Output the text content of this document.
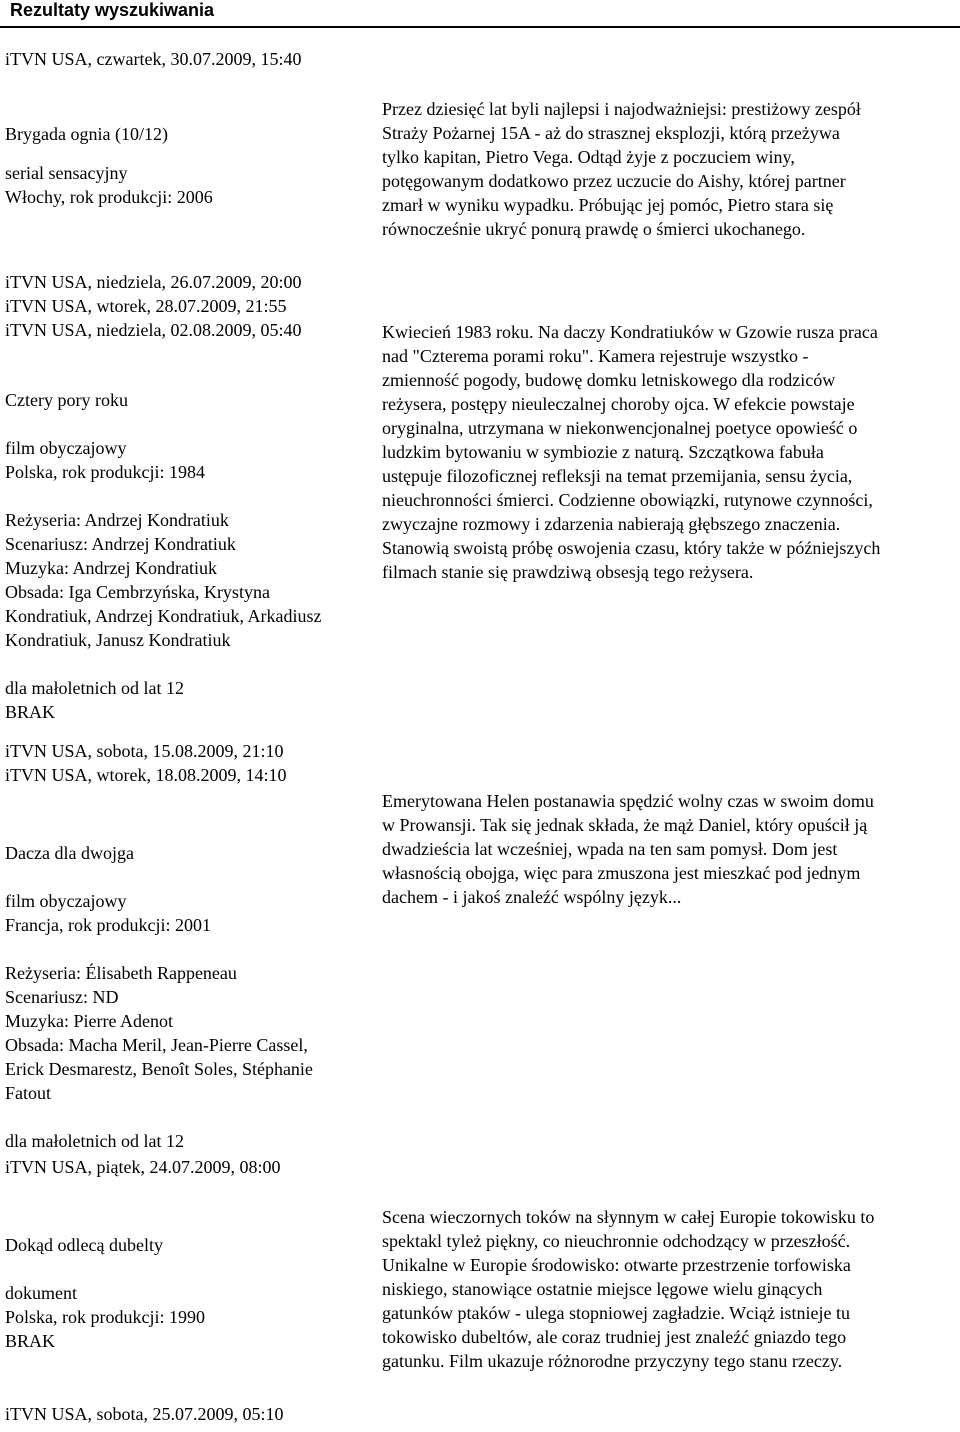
Rezultaty wyszukiwania
iTVN USA, czwartek, 30.07.2009, 15:40
Brygada ognia (10/12)
serial sensacyjny
Włochy, rok produkcji: 2006
Przez dziesięć lat byli najlepsi i najodważniejsi: prestiżowy zespół
Straży Pożarnej 15A - aż do strasznej eksplozji, którą przeżywa
tylko kapitan, Pietro Vega. Odtąd żyje z poczuciem winy,
potęgowanym dodatkowo przez uczucie do Aishy, której partner
zmarł w wyniku wypadku. Próbując jej pomóc, Pietro stara się
równocześnie ukryć ponurą prawdę o śmierci ukochanego.
iTVN USA, niedziela, 26.07.2009, 20:00
iTVN USA, wtorek, 28.07.2009, 21:55
iTVN USA, niedziela, 02.08.2009, 05:40
Cztery pory roku
film obyczajowy
Polska, rok produkcji: 1984
Reżyseria: Andrzej Kondratiuk
Scenariusz: Andrzej Kondratiuk
Muzyka: Andrzej Kondratiuk
Obsada: Iga Cembrzyńska, Krystyna
Kondratiuk, Andrzej Kondratiuk, Arkadiusz
Kondratiuk, Janusz Kondratiuk
dla małoletnich od lat 12
BRAK
Kwiecień 1983 roku. Na daczy Kondratiuków w Gzowie rusza praca
nad "Czterema porami roku". Kamera rejestruje wszystko -
zmienność pogody, budowę domku letniskowego dla rodziców
reżysera, postępy nieuleczalnej choroby ojca. W efekcie powstaje
oryginalna, utrzymana w niekonwencjonalnej poetyce opowieść o
ludzkim bytowaniu w symbiozie z naturą. Szczątkowa fabuła
ustępuje filozoficznej refleksji na temat przemijania, sensu życia,
nieuchronności śmierci. Codzienne obowiązki, rutynowe czynności,
zwyczajne rozmowy i zdarzenia nabierają głębszego znaczenia.
Stanowią swoistą próbę oswojenia czasu, który także w późniejszych
filmach stanie się prawdziwą obsesją tego reżysera.
iTVN USA, sobota, 15.08.2009, 21:10
iTVN USA, wtorek, 18.08.2009, 14:10
Dacza dla dwojga
film obyczajowy
Francja, rok produkcji: 2001
Reżyseria: Élisabeth Rappeneau
Scenariusz: ND
Muzyka: Pierre Adenot
Obsada: Macha Meril, Jean-Pierre Cassel,
Erick Desmarestz, Benoît Soles, Stéphanie
Fatout
dla małoletnich od lat 12
Emerytowana Helen postanawia spędzić wolny czas w swoim domu
w Prowansji. Tak się jednak składa, że mąż Daniel, który opuścił ją
dwadzieścia lat wcześniej, wpada na ten sam pomysł. Dom jest
własnością obojga, więc para zmuszona jest mieszkać pod jednym
dachem - i jakoś znaleźć wspólny język...
iTVN USA, piątek, 24.07.2009, 08:00
Dokąd odlecą dubelty
dokument
Polska, rok produkcji: 1990
BRAK
Scena wieczornych toków na słynnym w całej Europie tokowisku to
spektakl tyleż piękny, co nieuchronnie odchodzący w przeszłość.
Unikalne w Europie środowisko: otwarte przestrzenie torfowiska
niskiego, stanowiące ostatnie miejsce lęgowe wielu ginących
gatunków ptaków - ulega stopniowej zagładzie. Wciąż istnieje tu
tokowisko dubeltów, ale coraz trudniej jest znaleźć gniazdo tego
gatunku. Film ukazuje różnorodne przyczyny tego stanu rzeczy.
iTVN USA, sobota, 25.07.2009, 05:10
